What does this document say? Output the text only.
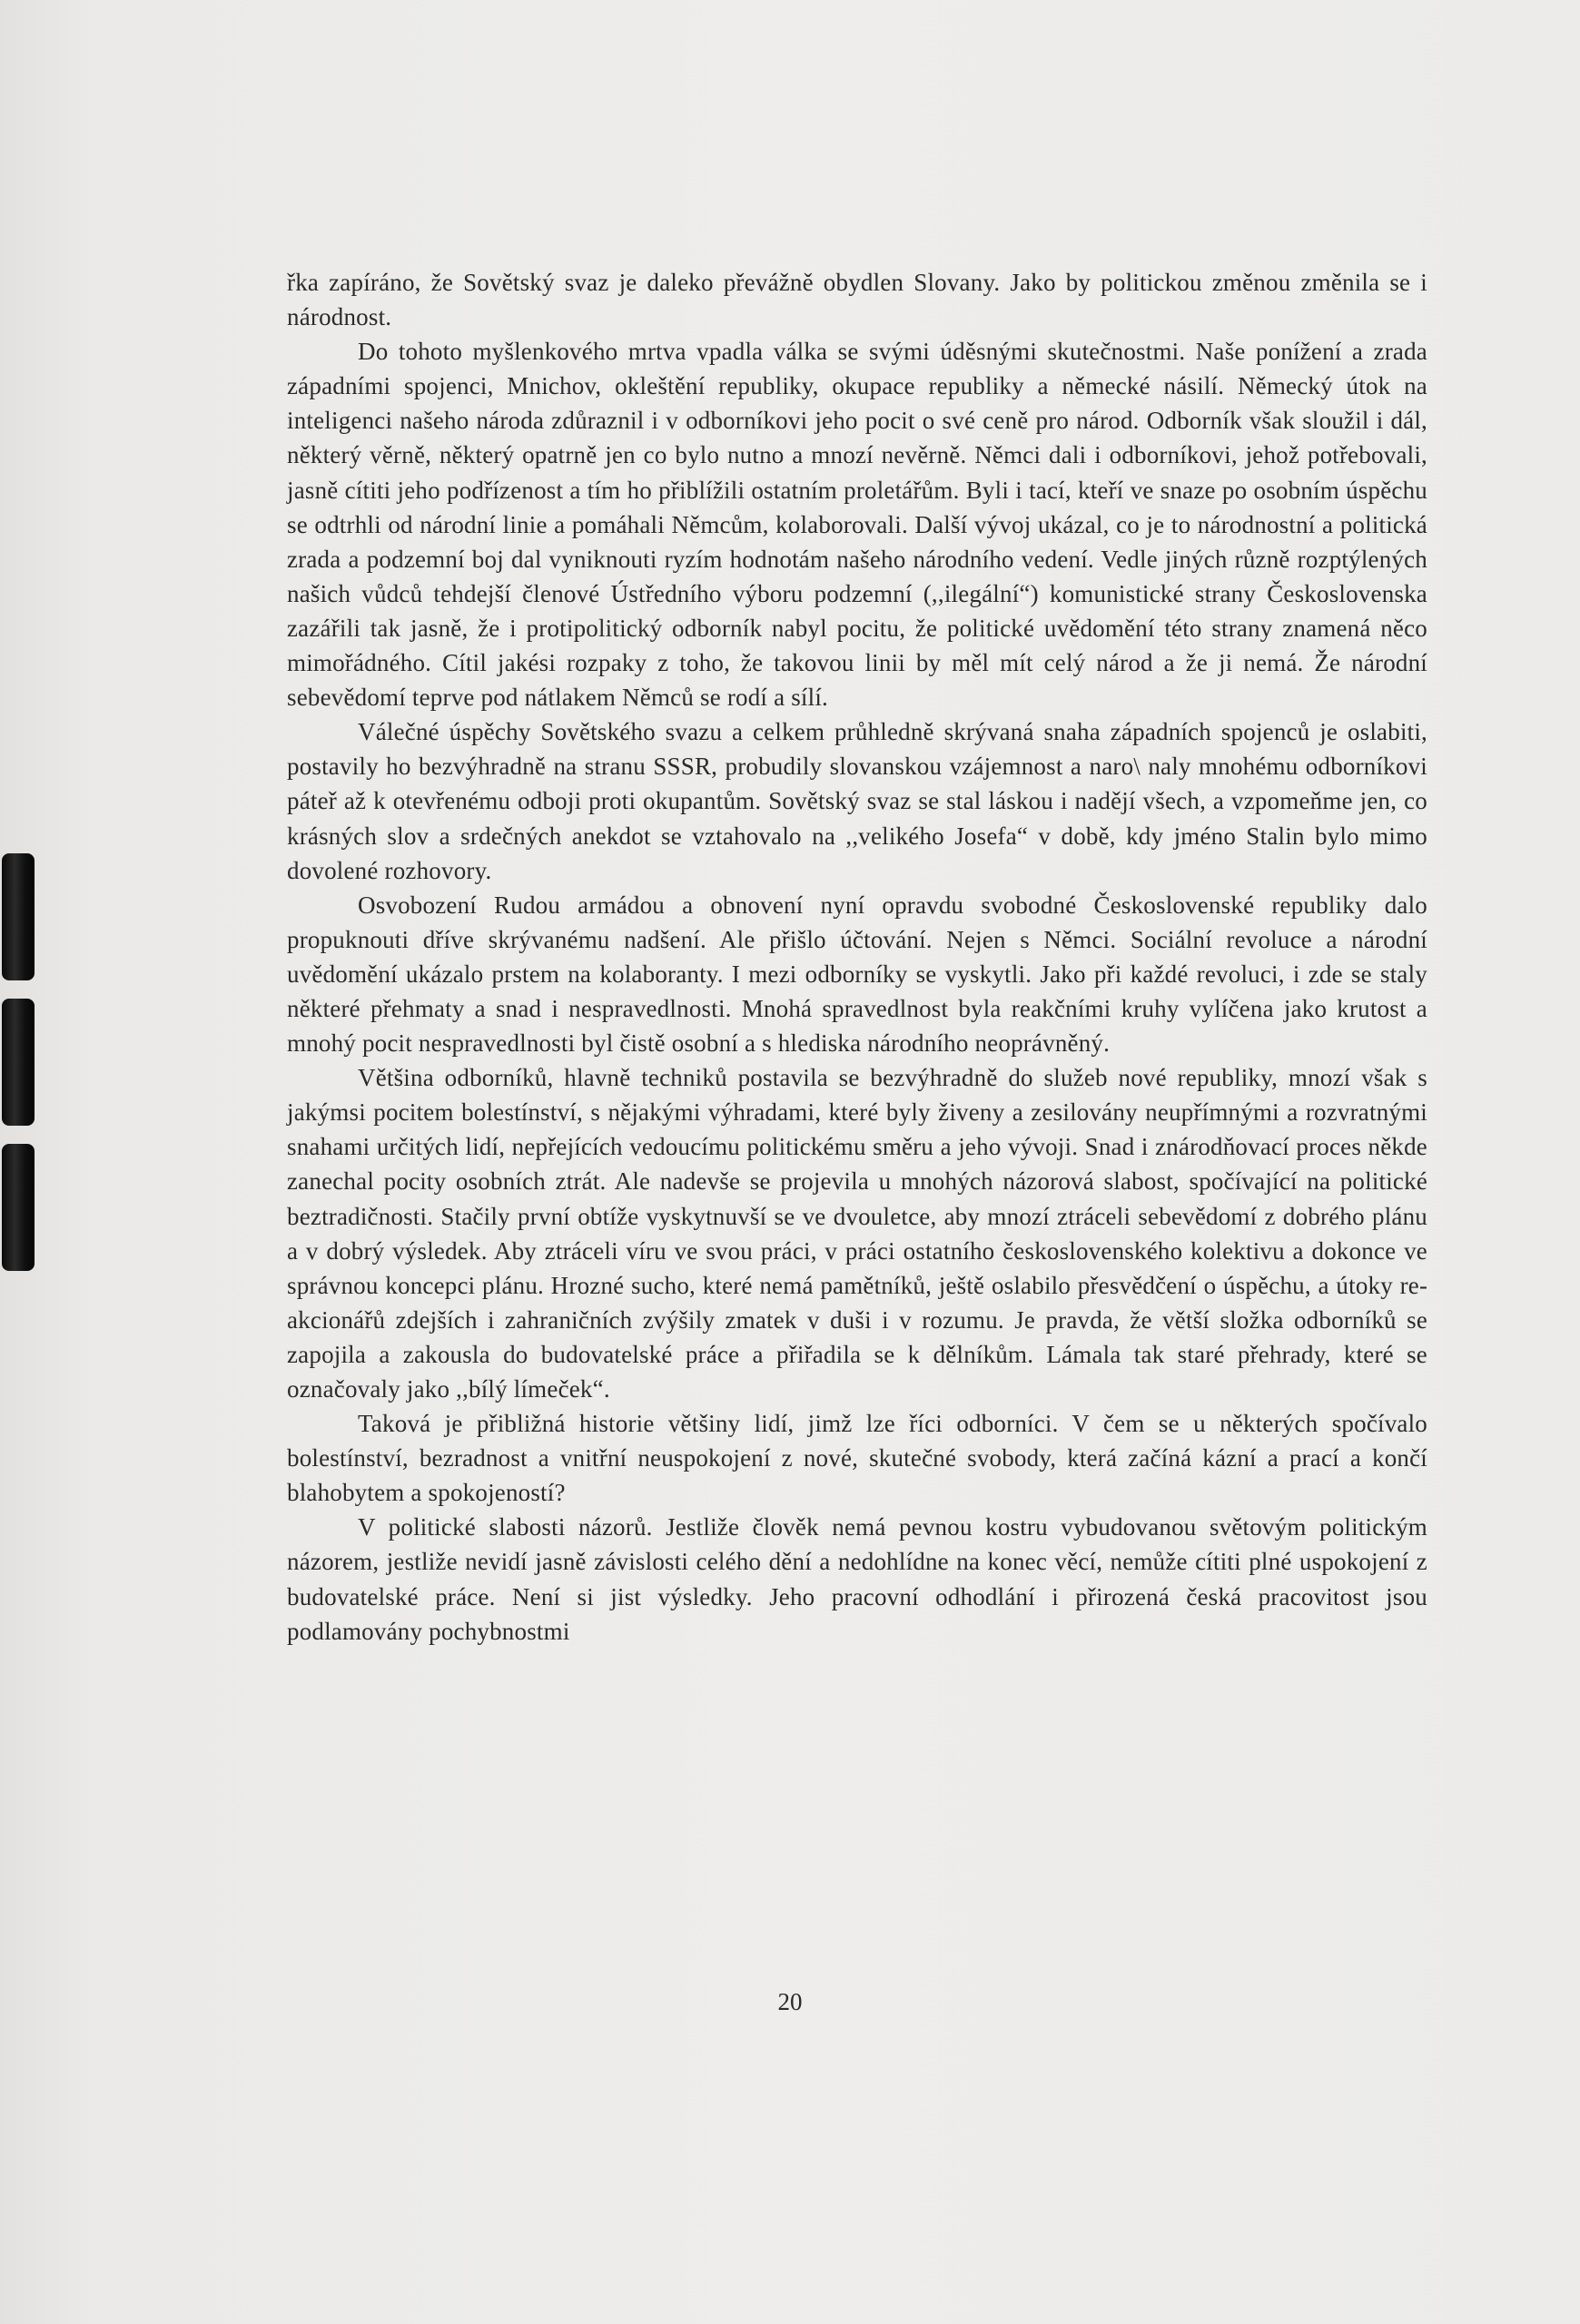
řka zapíráno, že Sovětský svaz je daleko převážně obydlen Slovany. Jako by politickou změnou změnila se i národnost.

Do tohoto myšlenkového mrtva vpadla válka se svými úděsnými skutečnostmi. Naše ponížení a zrada západními spojenci, Mnichov, okleštění republiky, okupace republiky a německé násilí. Německý útok na inteligenci našeho národa zdůraznil i v odborníkovi jeho pocit o své ceně pro národ. Odborník však sloužil i dál, některý věrně, některý opatrně jen co bylo nutno a mnozí nevěrně. Němci dali i odborníkovi, jehož potřebovali, jasně cítiti jeho podřízenost a tím ho přiblížili ostatním proletářům. Byli i tací, kteří ve snaze po osobním úspěchu se odtrhli od národní linie a pomáhali Němcům, kolaborovali. Další vývoj ukázal, co je to národnostní a politická zrada a podzemní boj dal vyniknouti ryzím hodnotám našeho národního vedení. Vedle jiných různě rozptýlených našich vůdců tehdejší členové Ústředního výboru podzemní (,,ilegální“) komunistické strany Československa zazářili tak jasně, že i protipolitický odborník nabyl pocitu, že politické uvědomění této strany znamená něco mimořádného. Cítil jakési rozpaky z toho, že takovou linii by měl mít celý národ a že ji nemá. Že národní sebevědomí teprve pod nátlakem Němců se rodí a sílí.

Válečné úspěchy Sovětského svazu a celkem průhledně skrývaná snaha západních spojenců je oslabiti, postavily ho bezvýhradně na stranu SSSR, probudily slovanskou vzájemnost a naro\ naly mnohému odborníkovi páteř až k otevřenému odboji proti okupantům. Sovětský svaz se stal láskou i nadějí všech, a vzpomeňme jen, co krásných slov a srdečných anekdot se vztahovalo na ,,velikého Josefa“ v době, kdy jméno Stalin bylo mimo dovolené rozhovory.

Osvobození Rudou armádou a obnovení nyní opravdu svobodné Československé republiky dalo propuknouti dříve skrývanému nadšení. Ale přišlo účtování. Nejen s Němci. Sociální revoluce a národní uvědomění ukázalo prstem na kolaboranty. I mezi odborníky se vyskytli. Jako při každé revoluci, i zde se staly některé přehmaty a snad i nespravedlnosti. Mnohá spravedlnost byla reakčními kruhy vylíčena jako krutost a mnohý pocit nespravedlnosti byl čistě osobní a s hlediska národního neoprávněný.

Většina odborníků, hlavně techniků postavila se bezvýhradně do služeb nové republiky, mnozí však s jakýmsi pocitem bolestínství, s nějakými výhradami, které byly živeny a zesilovány neupřímnými a rozvratnými snahami určitých lidí, nepřejících vedoucímu politickému směru a jeho vývoji. Snad i znárodňovací proces někde zanechal pocity osobních ztrát. Ale nadevše se projevila u mnohých názorová slabost, spočívající na politické beztradičnosti. Stačily první obtíže vyskytnuvší se ve dvouletce, aby mnozí ztráceli sebevědomí z dobrého plánu a v dobrý výsledek. Aby ztráceli víru ve svou práci, v práci ostatního československého kolektivu a dokonce ve správnou koncepci plánu. Hrozné sucho, které nemá pamětníků, ještě oslabilo přesvědčení o úspěchu, a útoky reakcionářů zdejších i zahraničních zvýšily zmatek v duši i v rozumu. Je pravda, že větší složka odborníků se zapojila a zakousla do budovatelské práce a přiřadila se k dělníkům. Lámala tak staré přehrady, které se označovaly jako ,,bílý límeček“.

Taková je přibližná historie většiny lidí, jimž lze říci odborníci. V čem se u některých spočívalo bolestínství, bezradnost a vnitřní neuspokojení z nové, skutečné svobody, která začíná kázní a prací a končí blahobytem a spokojeností?

V politické slabosti názorů. Jestliže člověk nemá pevnou kostru vybudovanou světovým politickým názorem, jestliže nevidí jasně závislosti celého dění a nedohlídne na konec věcí, nemůže cítiti plné uspokojení z budovatelské práce. Není si jist výsledky. Jeho pracovní odhodlání i přirozená česká pracovitost jsou podlamovány pochybnostmi

20
